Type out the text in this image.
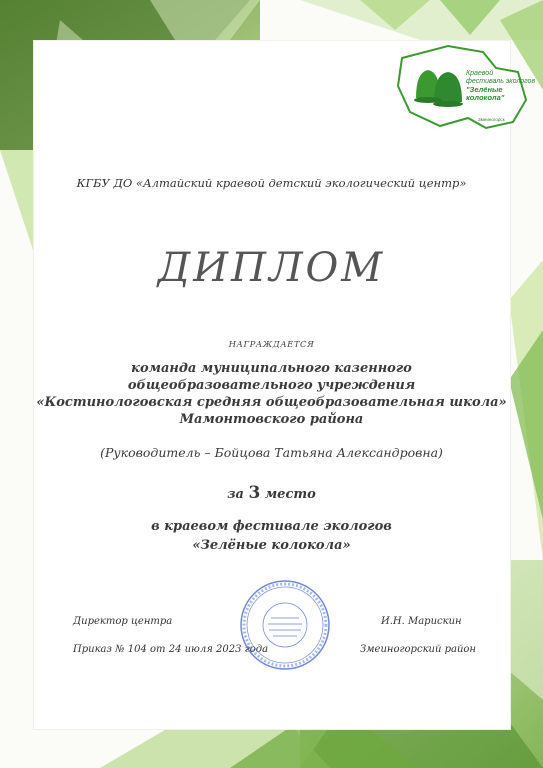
Краевой
фестиваль экологов
"Зелёные колокола"
Змеиногорск
КГБУ ДО «Алтайский краевой детский экологический центр»
ДИПЛОМ
НАГРАЖДАЕТСЯ
команда муниципального казенного
общеобразовательного учреждения
«Костинологовская средняя общеобразовательная школа»
Мамонтовского района
(Руководитель – Бойцова Татьяна Александровна)
за 3 место
в краевом фестивале экологов
«Зелёные колокола»
Директор центра	И.Н. Марискин
Приказ № 104 от 24 июля 2023 года	Змеиногорский район
